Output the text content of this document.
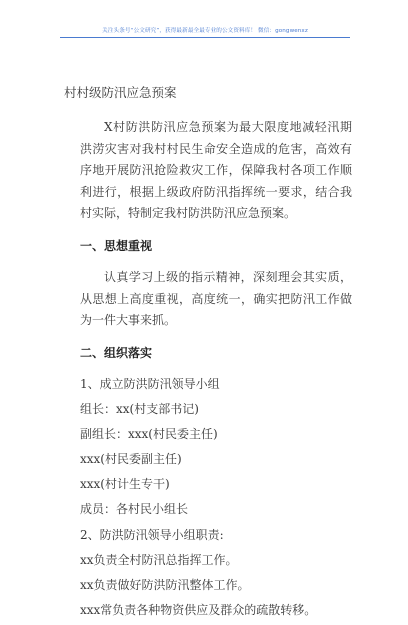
关注头条号“公文研究”，获得最新最全最专业的公文资料库！ 微信：gongwenxz
村村级防汛应急预案

X村防洪防汛应急预案为最大限度地减轻汛期洪涝灾害对我村村民生命安全造成的危害，高效有序地开展防汛抢险救灾工作，保障我村各项工作顺利进行，根据上级政府防汛指挥统一要求，结合我村实际，特制定我村防洪防汛应急预案。

一、思想重视

认真学习上级的指示精神，深刻理会其实质，从思想上高度重视，高度统一，确实把防汛工作做为一件大事来抓。

二、组织落实
1、成立防洪防汛领导小组
组长：xx(村支部书记)
副组长：xxx(村民委主任)
xxx(村民委副主任)
xxx(村计生专干)
成员：各村民小组长
2、防洪防汛领导小组职责:
xx负责全村防汛总指挥工作。
xx负责做好防洪防汛整体工作。
xxx常负责各种物资供应及群众的疏散转移。
